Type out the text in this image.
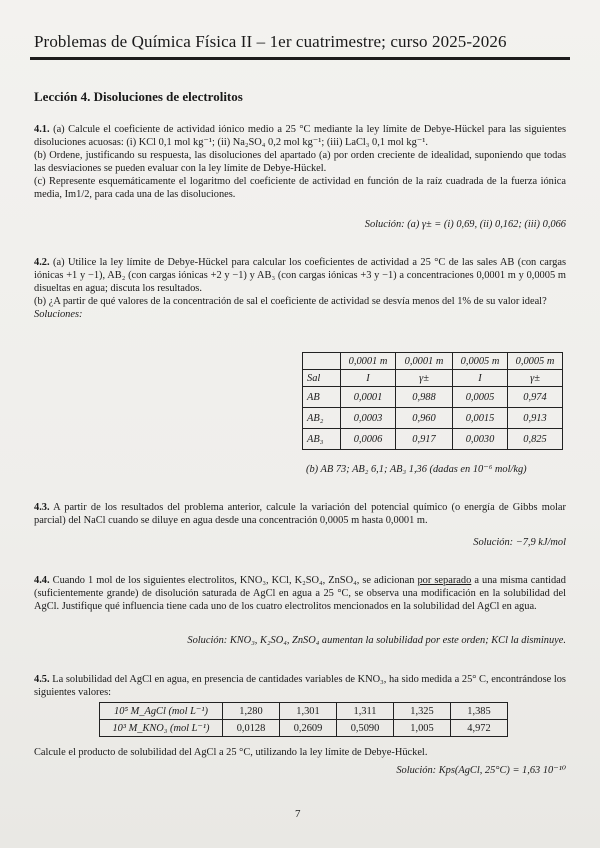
Problemas de Química Física II – 1er cuatrimestre; curso 2025-2026
Lección 4. Disoluciones de electrolitos

4.1. (a) Calcule el coeficiente de actividad iónico medio a 25 °C mediante la ley límite de Debye-Hückel para las siguientes disoluciones acuosas: (i) KCl 0,1 mol kg⁻¹; (ii) Na₂SO₄ 0,2 mol kg⁻¹; (iii) LaCl₃ 0,1 mol kg⁻¹.

(b) Ordene, justificando su respuesta, las disoluciones del apartado (a) por orden creciente de idealidad, suponiendo que todas las desviaciones se pueden evaluar con la ley límite de Debye-Hückel.

(c) Represente esquemáticamente el logaritmo del coeficiente de actividad en función de la raíz cuadrada de la fuerza iónica media, Im1/2, para cada una de las disoluciones.

Solución: (a) γ± = (i) 0,69, (ii) 0,162; (iii) 0,066

4.2. (a) Utilice la ley límite de Debye-Hückel para calcular los coeficientes de actividad a 25 °C de las sales AB (con cargas iónicas +1 y −1), AB₂ (con cargas iónicas +2 y −1) y AB₃ (con cargas iónicas +3 y −1) a concentraciones 0,0001 m y 0,0005 m disueltas en agua; discuta los resultados.

(b) ¿A partir de qué valores de la concentración de sal el coeficiente de actividad se desvía menos del 1% de su valor ideal?

Soluciones:

	0,0001 m	0,0001 m	0,0005 m	0,0005 m
Sal	I	γ±	I	γ±
AB	0,0001	0,988	0,0005	0,974
AB₂	0,0003	0,960	0,0015	0,913
AB₃	0,0006	0,917	0,0030	0,825
(b) AB 73; AB₂ 6,1; AB₃ 1,36 (dadas en 10⁻⁶ mol/kg)

4.3. A partir de los resultados del problema anterior, calcule la variación del potencial químico (o energía de Gibbs molar parcial) del NaCl cuando se diluye en agua desde una concentración 0,0005 m hasta 0,0001 m.

Solución: −7,9 kJ/mol

4.4. Cuando 1 mol de los siguientes electrolitos, KNO₃, KCl, K₂SO₄, ZnSO₄, se adicionan por separado a una misma cantidad (suficientemente grande) de disolución saturada de AgCl en agua a 25 °C, se observa una modificación en la solubilidad del AgCl. Justifique qué influencia tiene cada uno de los cuatro electrolitos mencionados en la solubilidad del AgCl en agua.

Solución: KNO₃, K₂SO₄, ZnSO₄ aumentan la solubilidad por este orden; KCl la disminuye.

4.5. La solubilidad del AgCl en agua, en presencia de cantidades variables de KNO₃, ha sido medida a 25° C, encontrándose los siguientes valores:

10⁵ M_AgCl (mol L⁻¹)	1,280	1,301	1,311	1,325	1,385
10³ M_KNO₃ (mol L⁻¹)	0,0128	0,2609	0,5090	1,005	4,972

Calcule el producto de solubilidad del AgCl a 25 °C, utilizando la ley límite de Debye-Hückel.

Solución: Kps(AgCl, 25°C) = 1,63 10⁻¹⁰
7
